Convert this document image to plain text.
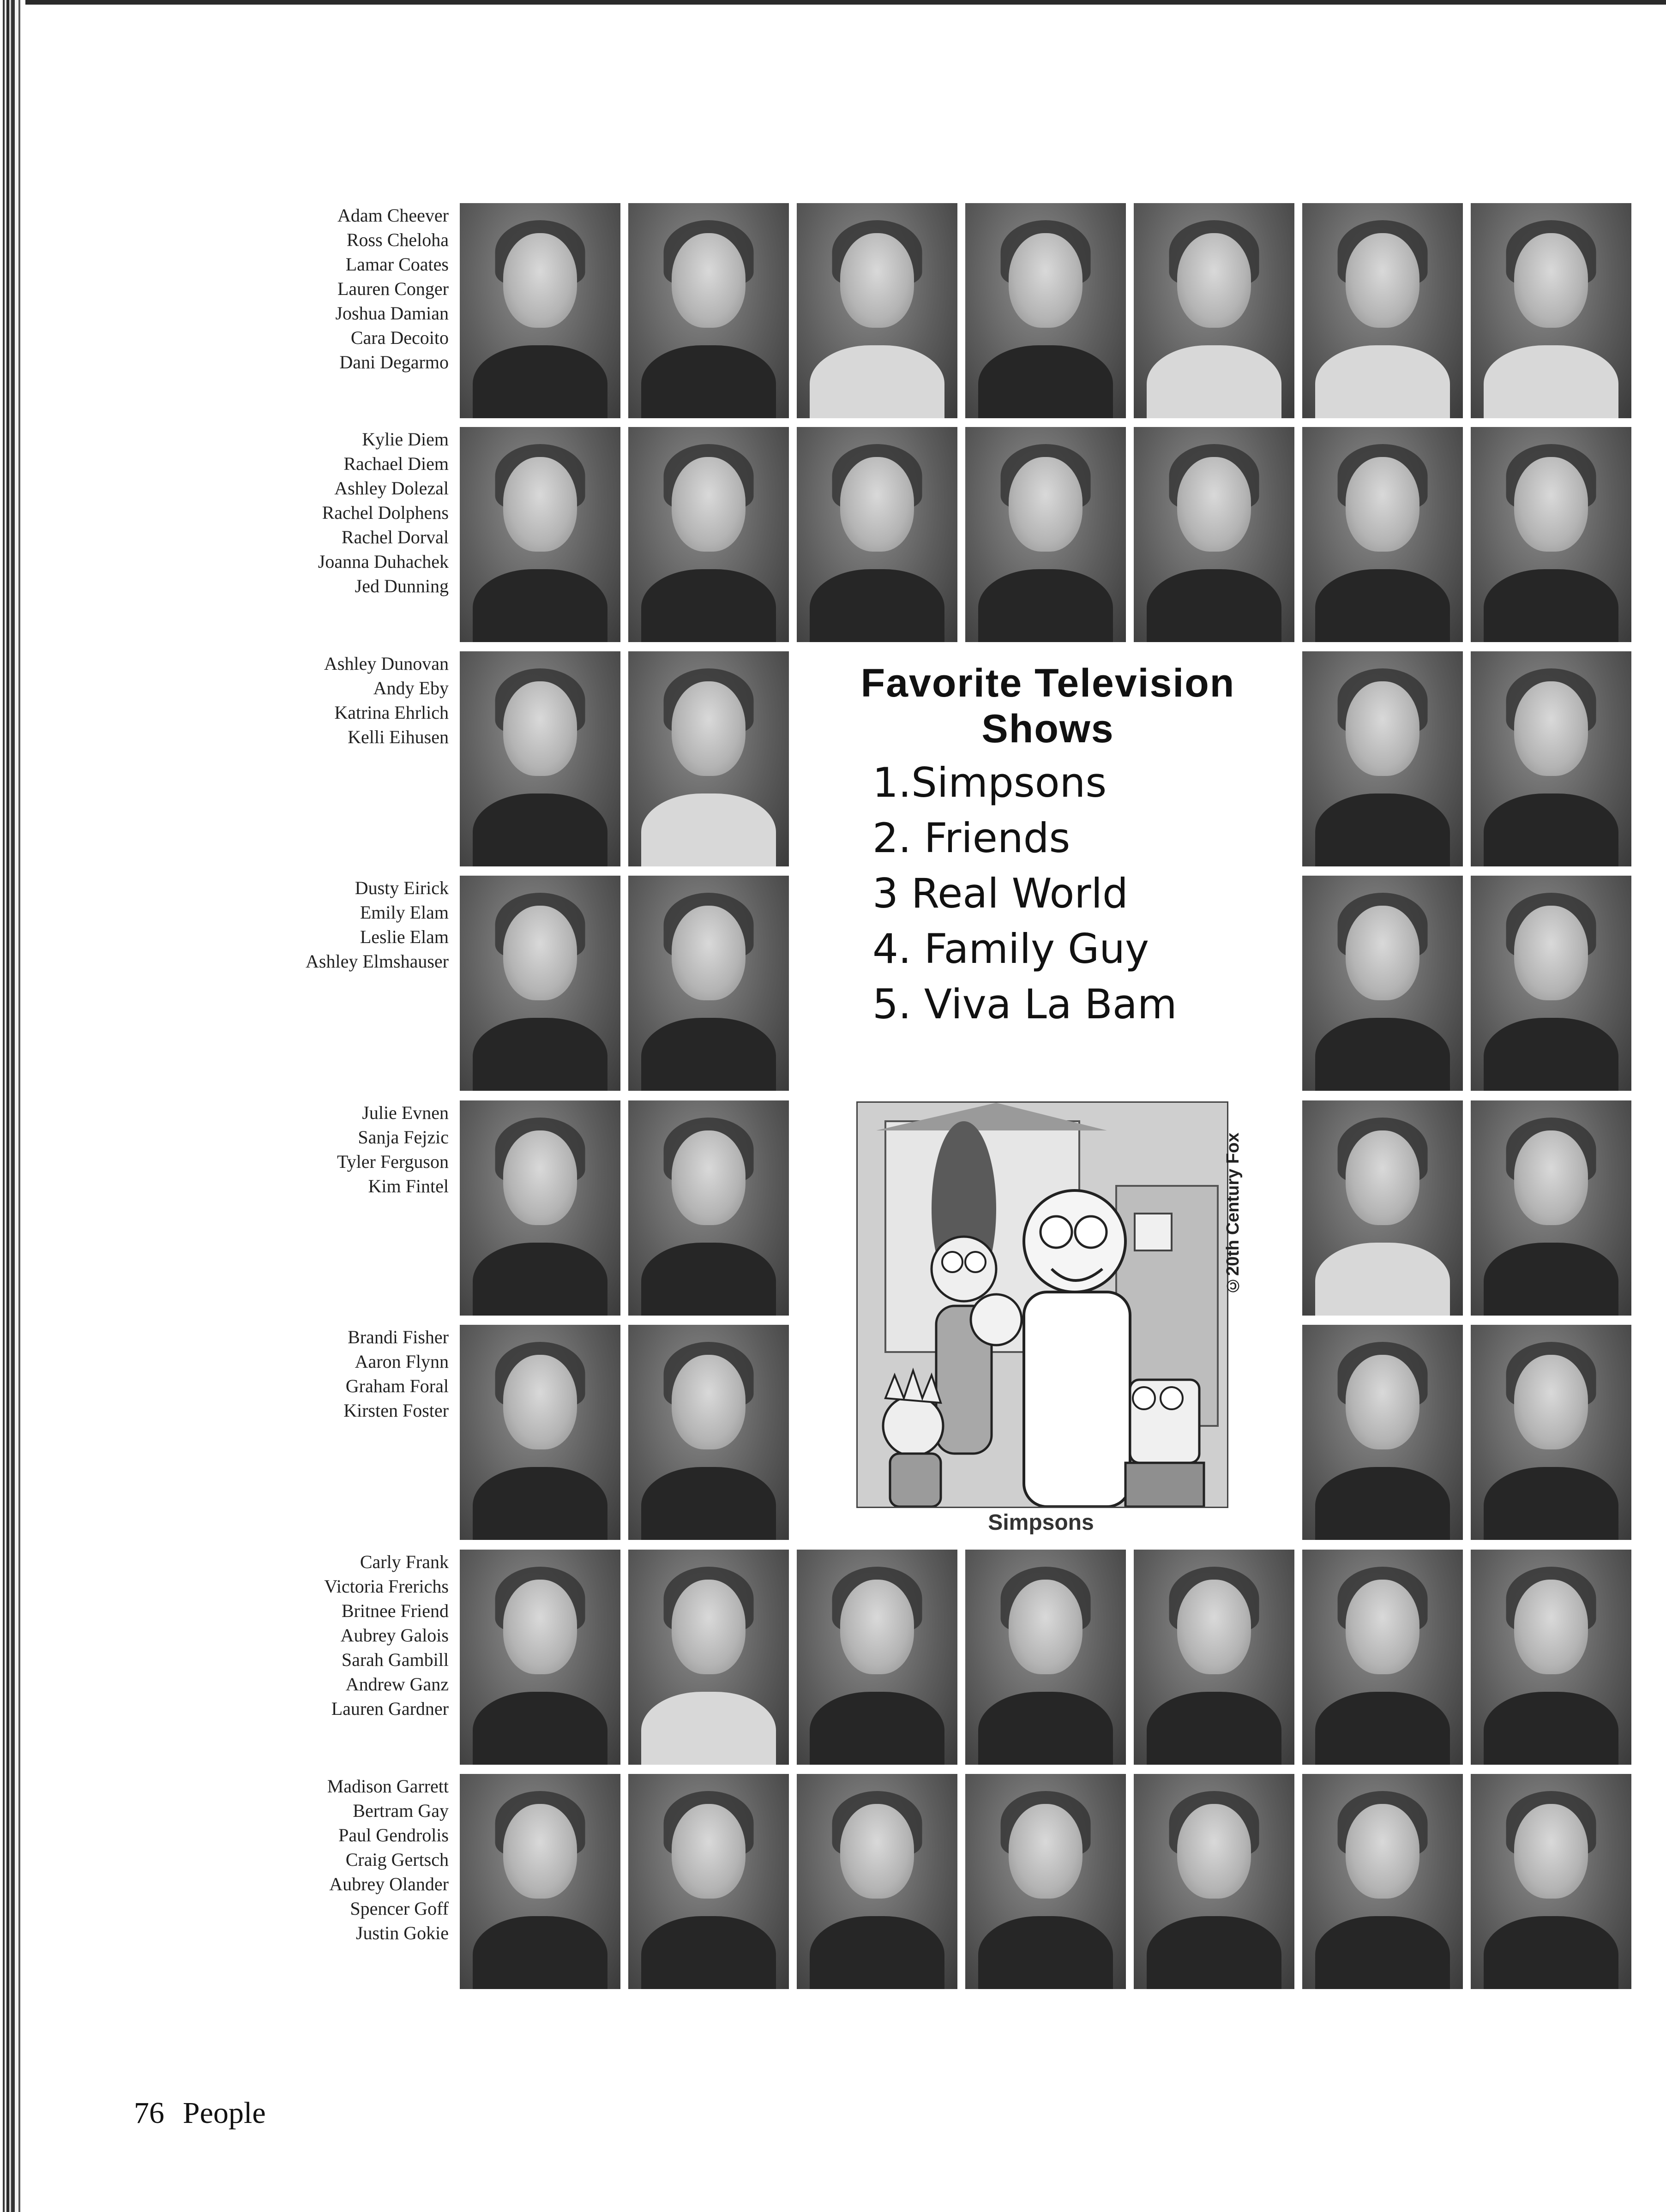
Adam Cheever
Ross Cheloha
Lamar Coates
Lauren Conger
Joshua Damian
Cara Decoito
Dani Degarmo
Kylie Diem
Rachael Diem
Ashley Dolezal
Rachel Dolphens
Rachel Dorval
Joanna Duhachek
Jed Dunning
Ashley Dunovan
Andy Eby
Katrina Ehrlich
Kelli Eihusen
Dusty Eirick
Emily Elam
Leslie Elam
Ashley Elmshauser
Julie Evnen
Sanja Fejzic
Tyler Ferguson
Kim Fintel
Brandi Fisher
Aaron Flynn
Graham Foral
Kirsten Foster
Carly Frank
Victoria Frerichs
Britnee Friend
Aubrey Galois
Sarah Gambill
Andrew Ganz
Lauren Gardner
Madison Garrett
Bertram Gay
Paul Gendrolis
Craig Gertsch
Aubrey Olander
Spencer Goff
Justin Gokie
Favorite Television Shows
1.Simpsons
2. Friends
3 Real World
4. Family Guy
5. Viva La Bam
Simpsons
©20th Century Fox
76 People
